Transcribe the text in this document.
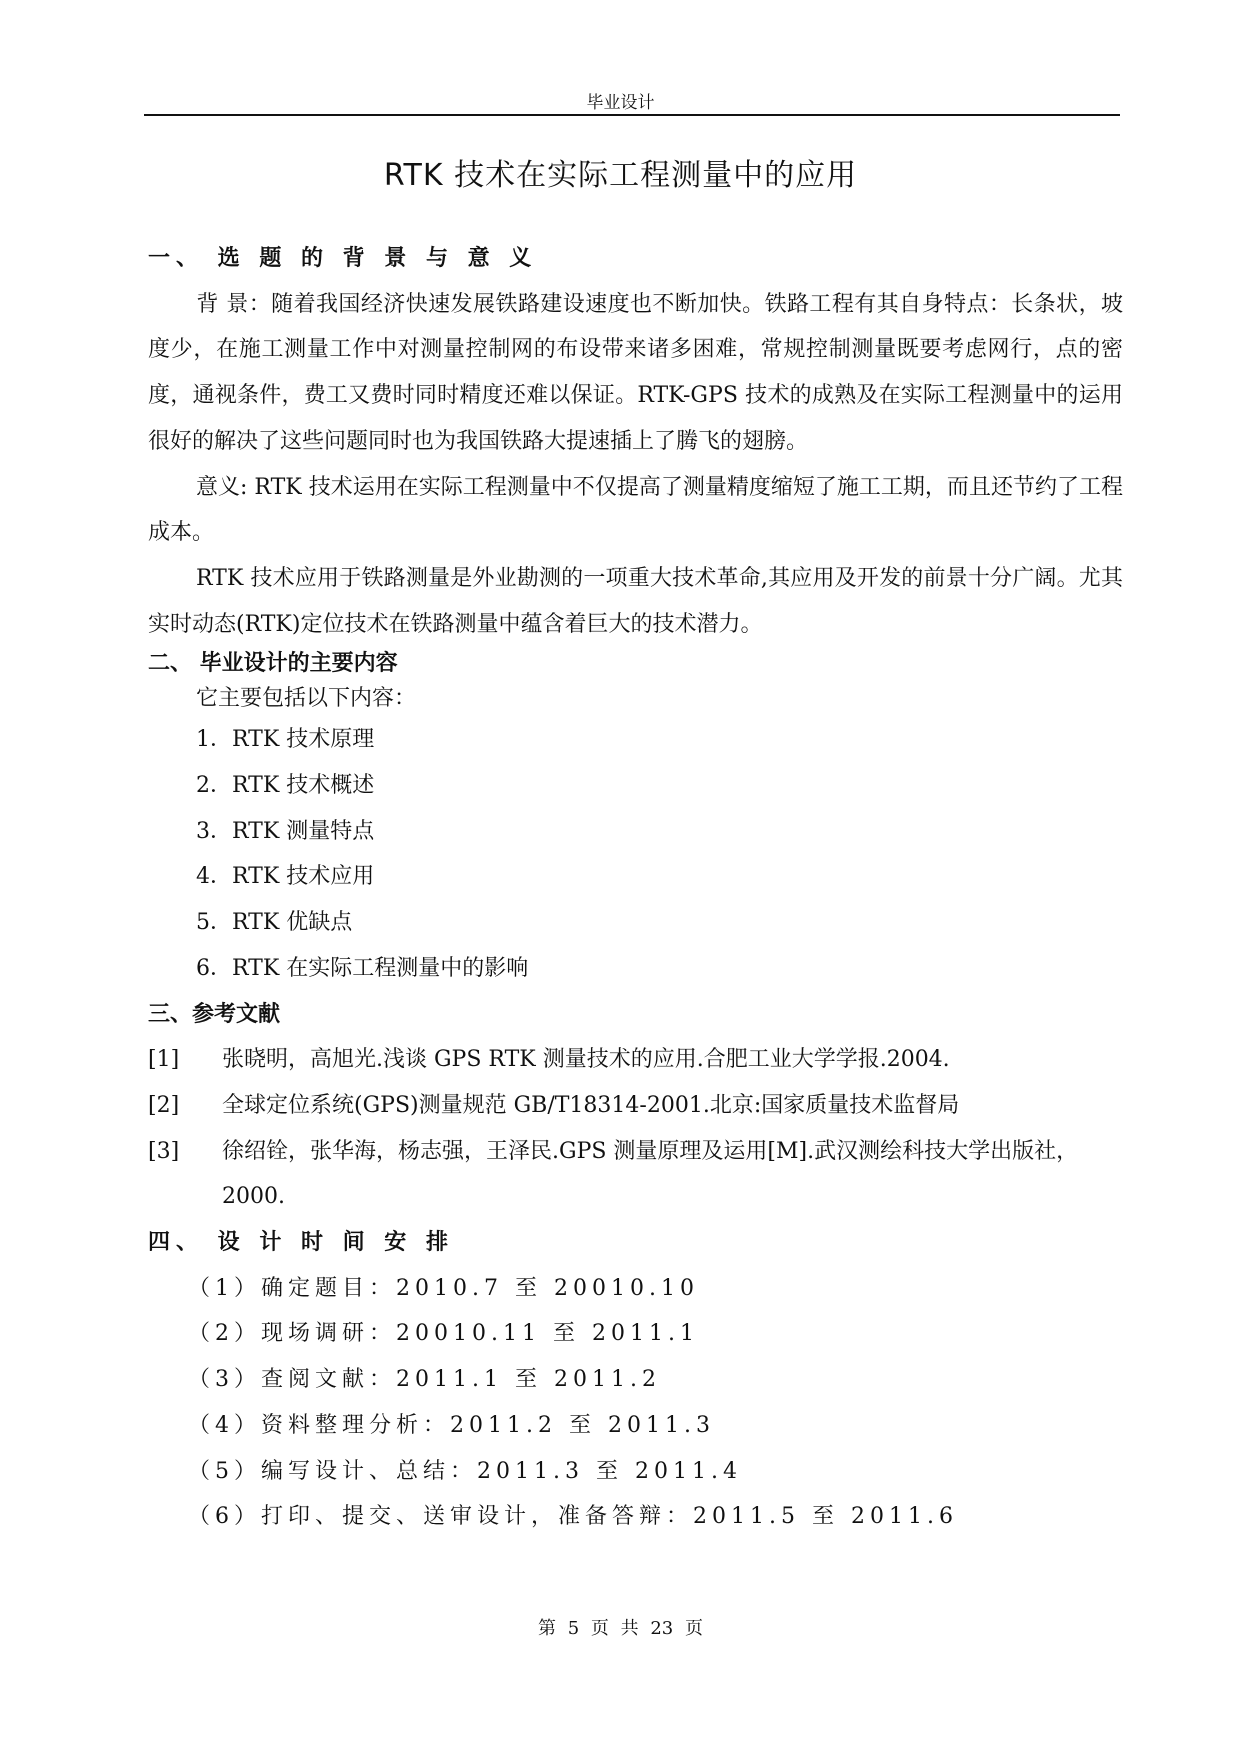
毕业设计
RTK 技术在实际工程测量中的应用
一、 选 题 的 背 景 与 意 义
背 景：随着我国经济快速发展铁路建设速度也不断加快。铁路工程有其自身特点：长条状，坡度少，在施工测量工作中对测量控制网的布设带来诸多困难，常规控制测量既要考虑网行，点的密度，通视条件，费工又费时同时精度还难以保证。RTK-GPS 技术的成熟及在实际工程测量中的运用很好的解决了这些问题同时也为我国铁路大提速插上了腾飞的翅膀。
意义: RTK 技术运用在实际工程测量中不仅提高了测量精度缩短了施工工期，而且还节约了工程成本。
RTK 技术应用于铁路测量是外业勘测的一项重大技术革命,其应用及开发的前景十分广阔。尤其实时动态(RTK)定位技术在铁路测量中蕴含着巨大的技术潜力。
二、 毕业设计的主要内容
它主要包括以下内容：
1．RTK 技术原理
2．RTK 技术概述
3．RTK 测量特点
4．RTK 技术应用
5．RTK 优缺点
6．RTK 在实际工程测量中的影响
三、参考文献
[1]	张晓明，高旭光.浅谈 GPS RTK 测量技术的应用.合肥工业大学学报.2004.
[2]	全球定位系统(GPS)测量规范 GB/T18314-2001.北京:国家质量技术监督局
[3]	徐绍铨，张华海，杨志强，王泽民.GPS 测量原理及运用[M].武汉测绘科技大学出版社，2000.
四、 设 计 时 间 安 排
（1）确定题目：2010.7 至 20010.10
（2）现场调研：20010.11 至 2011.1
（3）查阅文献：2011.1 至 2011.2
（4）资料整理分析：2011.2 至 2011.3
（5）编写设计、总结：2011.3 至 2011.4
（6）打印、提交、送审设计，准备答辩：2011.5 至 2011.6
第 5 页 共 23 页
